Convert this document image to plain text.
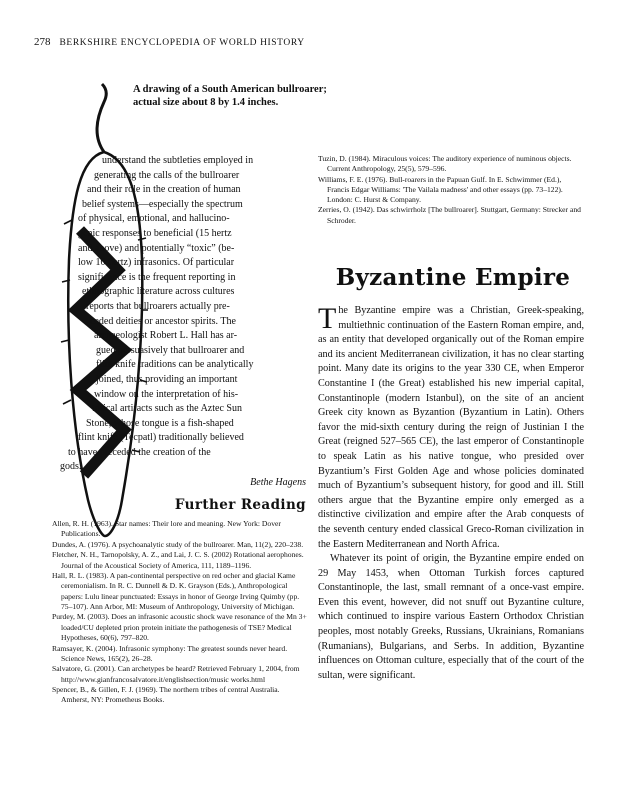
278 BERKSHIRE ENCYCLOPEDIA OF WORLD HISTORY
A drawing of a South American bullroarer;
actual size about 8 by 1.4 inches.
understand the subtleties employed in
generating the calls of the bullroarer
and their role in the creation of human
belief systems—especially the spectrum
of physical, emotional, and hallucino-
genic responses to beneficial (15 hertz
and above) and potentially “toxic” (be-
low 10 hertz) infrasonics. Of particular
significance is the frequent reporting in
ethnographic literature across cultures
reports that bullroarers actually pre-
ceded deities or ancestor spirits. The
archaeologist Robert L. Hall has ar-
gued persuasively that bullroarer and
flint knife traditions can be analytically
joined, thus providing an important
window on the interpretation of his-
torical artifacts such as the Aztec Sun
Stone, whose tongue is a fish-shaped
flint knife (Tecpatl) traditionally believed
to have preceded the creation of the
gods.
Bethe Hagens
Further Reading
Allen, R. H. (1963). Star names: Their lore and meaning. New York: Dover Publications.
Dundes, A. (1976). A psychoanalytic study of the bullroarer. Man, 11(2), 220–238.
Fletcher, N. H., Tarnopolsky, A. Z., and Lai, J. C. S. (2002) Rotational aerophones. Journal of the Acoustical Society of America, 111, 1189–1196.
Hall, R. L. (1983). A pan-continental perspective on red ocher and glacial Kame ceremonialism. In R. C. Dunnell & D. K. Grayson (Eds.), Anthropological papers: Lulu linear punctuated: Essays in honor of George Irving Quimby (pp. 75–107). Ann Arbor, MI: Museum of Anthropology, University of Michigan.
Purdey, M. (2003). Does an infrasonic acoustic shock wave resonance of the Mn 3+ loaded/CU depleted prion protein initiate the pathogenesis of TSE? Medical Hypotheses, 60(6), 797–820.
Ramsayer, K. (2004). Infrasonic symphony: The greatest sounds never heard. Science News, 165(2), 26–28.
Salvatore, G. (2001). Can archetypes be heard? Retrieved February 1, 2004, from http://www.gianfrancosalvatore.it/englishsection/music works.html
Spencer, B., & Gillen, F. J. (1969). The northern tribes of central Australia. Amherst, NY: Prometheus Books.
Tuzin, D. (1984). Miraculous voices: The auditory experience of numinous objects. Current Anthropology, 25(5), 579–596.
Williams, F. E. (1976). Bull-roarers in the Papuan Gulf. In E. Schwimmer (Ed.), Francis Edgar Williams: 'The Vailala madness' and other essays (pp. 73–122). London: C. Hurst & Company.
Zerries, O. (1942). Das schwirrholz [The bullroarer]. Stuttgart, Germany: Strecker and Schroder.
Byzantine Empire

The Byzantine empire was a Christian, Greek-speaking, multiethnic continuation of the Eastern Roman empire, and, as an entity that developed organically out of the Roman empire and its ancient Mediterranean civilization, it has no clear starting point. Many date its origins to the year 330 CE, when Emperor Constantine I (the Great) established his new imperial capital, Constantinople (modern Istanbul), on the site of an ancient Greek city known as Byzantion (Byzantium in Latin). Others favor the mid-sixth century during the reign of Justinian I the Great (reigned 527–565 CE), the last emperor of Constantinople to speak Latin as his native tongue, who presided over Byzantium’s First Golden Age and whose policies dominated much of Byzantium’s subsequent history, for good and ill. Still others argue that the Byzantine empire only emerged as a distinctive civilization and empire after the Arab conquests of the seventh century ended classical Greco-Roman civilization in the Eastern Mediterranean and North Africa.

Whatever its point of origin, the Byzantine empire ended on 29 May 1453, when Ottoman Turkish forces captured Constantinople, the last, small remnant of a once-vast empire. Even this event, however, did not snuff out Byzantine culture, which continued to inspire various Eastern Orthodox Christian peoples, most notably Greeks, Russians, Ukrainians, Romanians (Rumanians), Bulgarians, and Serbs. In addition, Byzantine influences on Ottoman culture, especially that of the court of the sultan, were significant.
